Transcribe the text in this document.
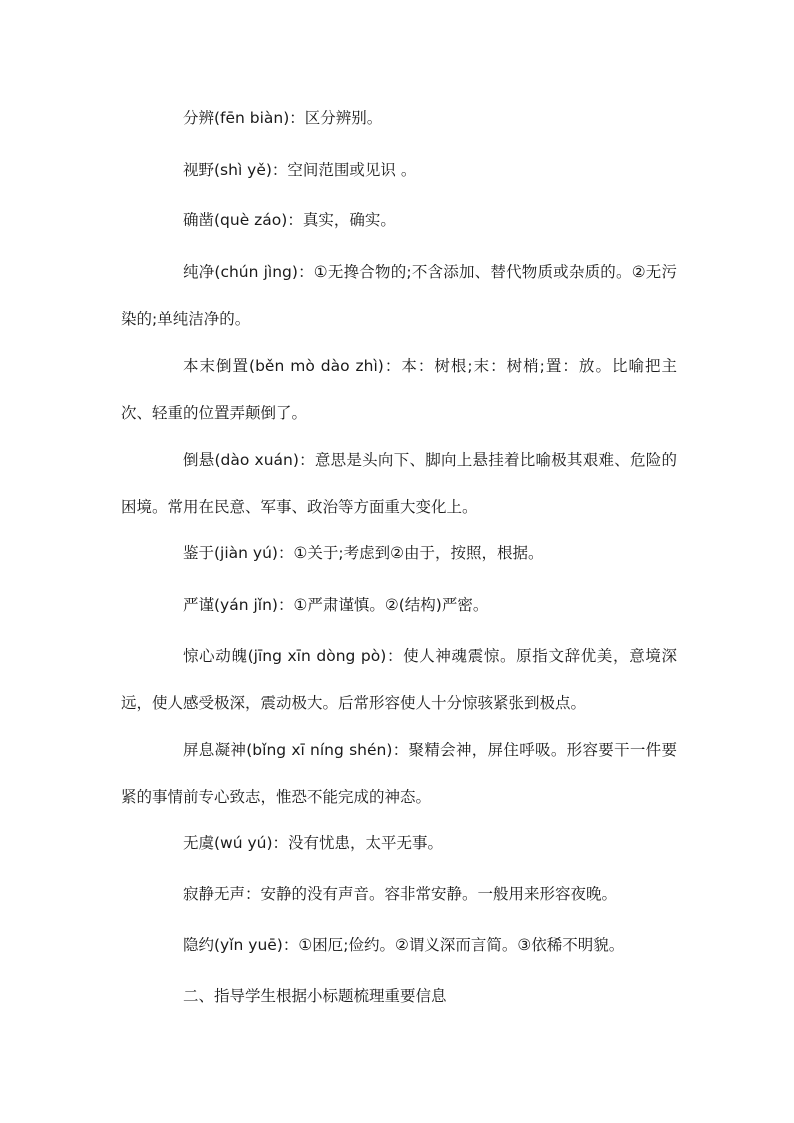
分辨(fēn biàn)：区分辨别。

视野(shì yě)：空间范围或见识 。

确凿(què záo)：真实，确实。

纯净(chún jìng)：①无搀合物的;不含添加、替代物质或杂质的。②无污染的;单纯洁净的。

本末倒置(běn mò dào zhì)：本：树根;末：树梢;置：放。比喻把主次、轻重的位置弄颠倒了。

倒悬(dào xuán)：意思是头向下、脚向上悬挂着比喻极其艰难、危险的困境。常用在民意、军事、政治等方面重大变化上。

鉴于(jiàn yú)：①关于;考虑到②由于，按照，根据。

严谨(yán jǐn)：①严肃谨慎。②(结构)严密。

惊心动魄(jīng xīn dòng pò)：使人神魂震惊。原指文辞优美，意境深远，使人感受极深，震动极大。后常形容使人十分惊骇紧张到极点。

屏息凝神(bǐng xī níng shén)：聚精会神，屏住呼吸。形容要干一件要紧的事情前专心致志，惟恐不能完成的神态。

无虞(wú yú)：没有忧患，太平无事。

寂静无声：安静的没有声音。容非常安静。一般用来形容夜晚。

隐约(yǐn yuē)：①困厄;俭约。②谓义深而言简。③依稀不明貌。

二、指导学生根据小标题梳理重要信息
